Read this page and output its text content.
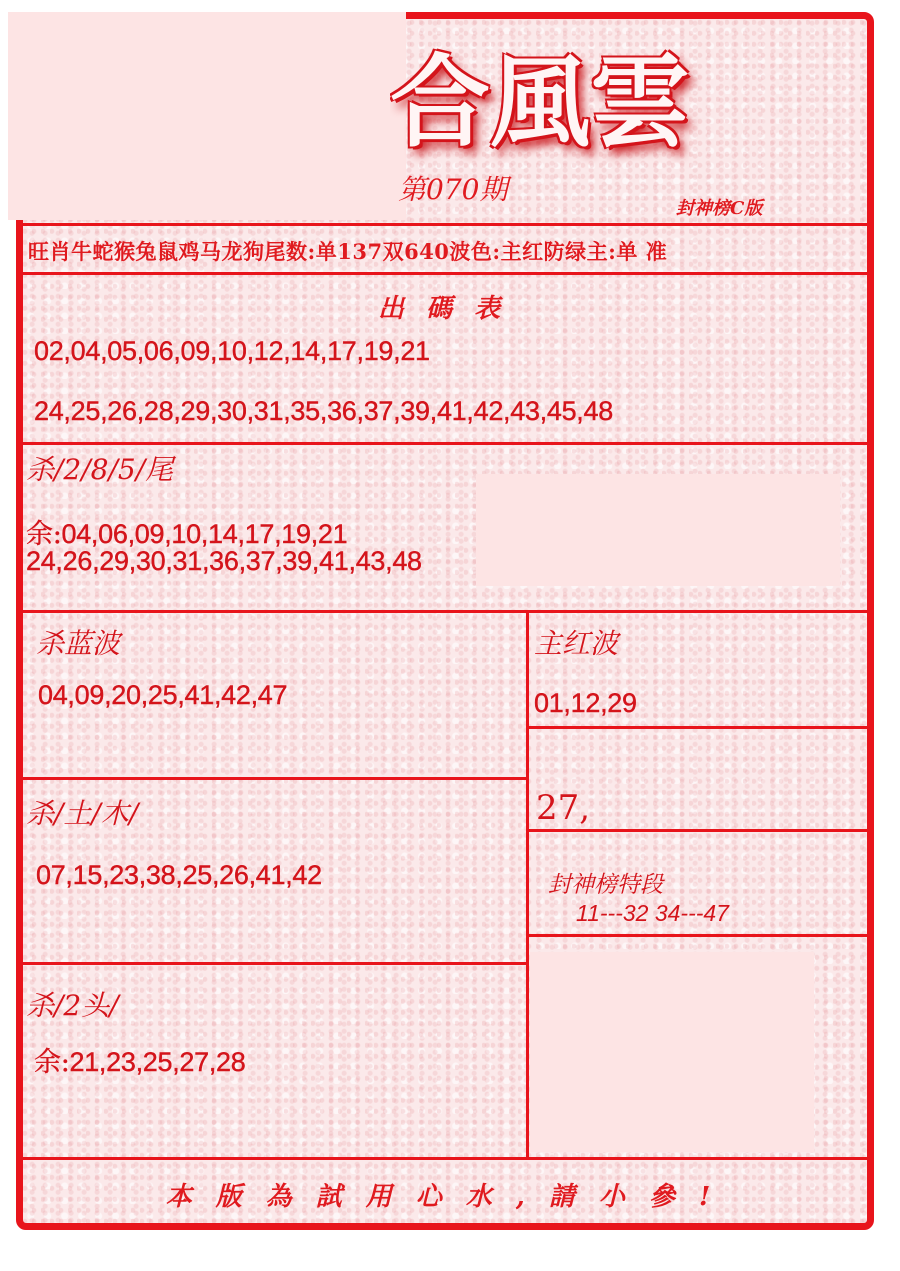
合風雲
第070期
封神榜C版
旺肖牛蛇猴兔鼠鸡马龙狗尾数:单137双640波色:主红防绿主:单 准
出碼表
02,04,05,06,09,10,12,14,17,19,21
24,25,26,28,29,30,31,35,36,37,39,41,42,43,45,48
杀/2/8/5/尾
余:04,06,09,10,14,17,19,21
24,26,29,30,31,36,37,39,41,43,48
杀蓝波
04,09,20,25,41,42,47
主红波
01,12,29
27,
杀/土/木/
07,15,23,38,25,26,41,42	封神榜特段
11---32 34---47
杀/2头/
余:21,23,25,27,28
本版為試用心水,請小參!
